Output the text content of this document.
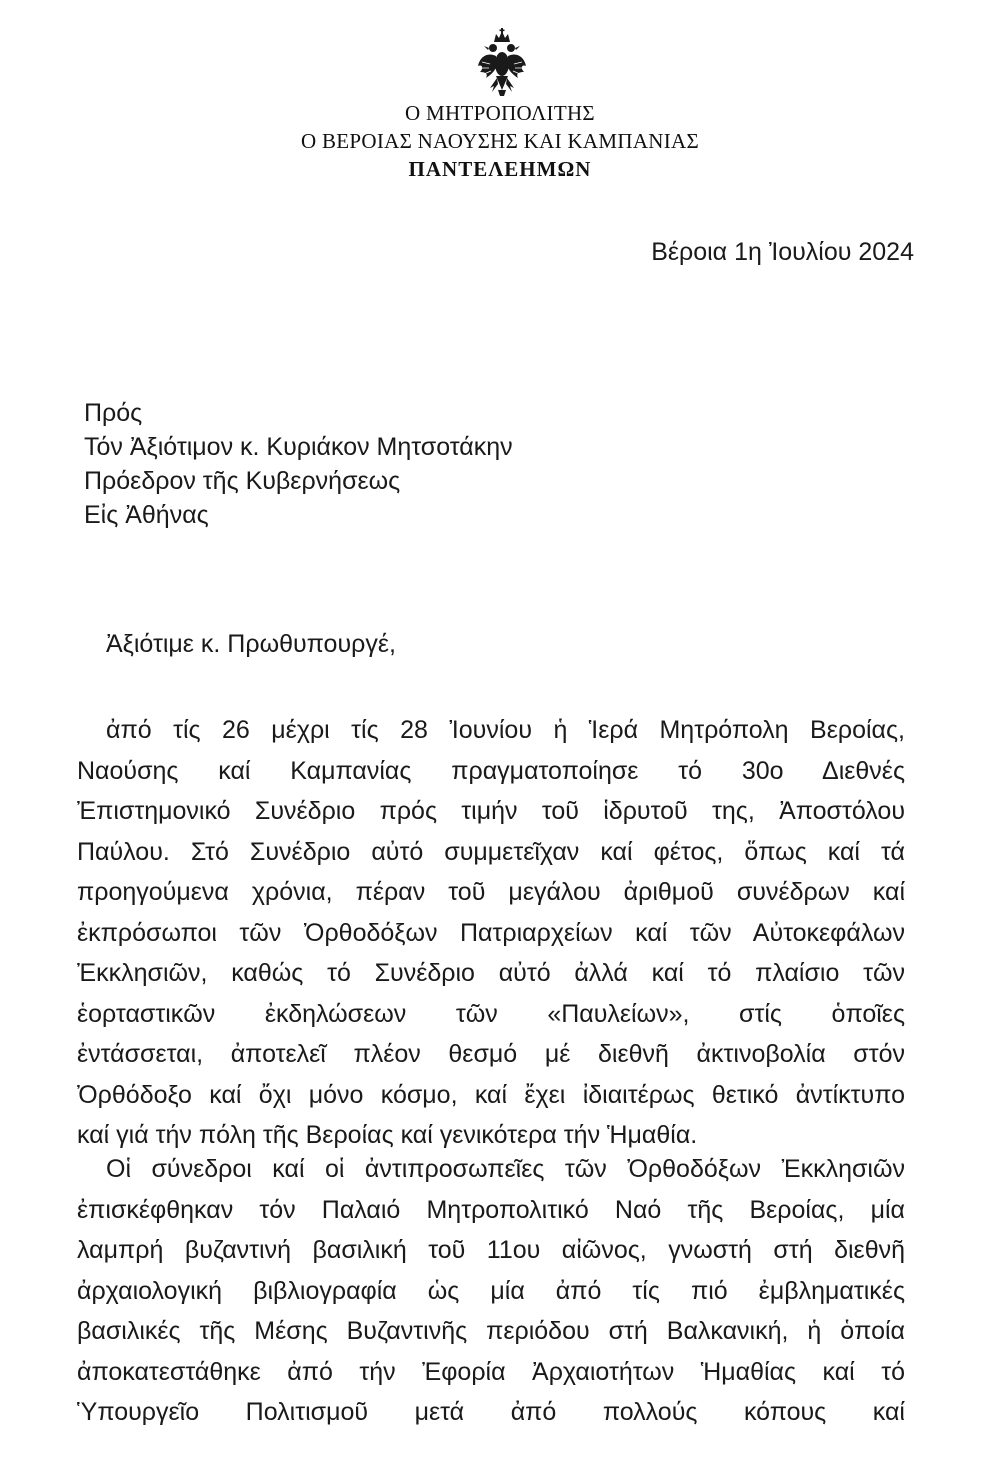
Ο ΜΗΤΡΟΠΟΛΙΤΗΣ
Ο ΒΕΡΟΙΑΣ ΝΑΟΥΣΗΣ ΚΑΙ ΚΑΜΠΑΝΙΑΣ
ΠΑΝΤΕΛΕΗΜΩΝ
Βέροια 1η Ἰουλίου 2024
Πρός
Τόν Ἀξιότιμον κ. Κυριάκον Μητσοτάκην
Πρόεδρον τῆς Κυβερνήσεως
Εἰς Ἀθήνας
Ἀξιότιμε κ. Πρωθυπουργέ,
ἀπό τίς 26 μέχρι τίς 28 Ἰουνίου ἡ Ἱερά Μητρόπολη Βεροίας,
Ναούσης καί Καμπανίας πραγματοποίησε τό 30ο Διεθνές
Ἐπιστημονικό Συνέδριο πρός τιμήν τοῦ ἱδρυτοῦ της, Ἀποστόλου
Παύλου. Στό Συνέδριο αὐτό συμμετεῖχαν καί φέτος, ὅπως καί τά
προηγούμενα χρόνια, πέραν τοῦ μεγάλου ἀριθμοῦ συνέδρων καί
ἐκπρόσωποι τῶν Ὀρθοδόξων Πατριαρχείων καί τῶν Αὐτοκεφάλων
Ἐκκλησιῶν, καθώς τό Συνέδριο αὐτό ἀλλά καί τό πλαίσιο τῶν
ἑορταστικῶν ἐκδηλώσεων τῶν «Παυλείων», στίς ὁποῖες
ἐντάσσεται, ἀποτελεῖ πλέον θεσμό μέ διεθνῆ ἀκτινοβολία στόν
Ὀρθόδοξο καί ὄχι μόνο κόσμο, καί ἔχει ἰδιαιτέρως θετικό ἀντίκτυπο
καί γιά τήν πόλη τῆς Βεροίας καί γενικότερα τήν Ἡμαθία.
Οἱ σύνεδροι καί οἱ ἀντιπροσωπεῖες τῶν Ὀρθοδόξων Ἐκκλησιῶν
ἐπισκέφθηκαν τόν Παλαιό Μητροπολιτικό Ναό τῆς Βεροίας, μία
λαμπρή βυζαντινή βασιλική τοῦ 11ου αἰῶνος, γνωστή στή διεθνῆ
ἀρχαιολογική βιβλιογραφία ὡς μία ἀπό τίς πιό ἐμβληματικές
βασιλικές τῆς Μέσης Βυζαντινῆς περιόδου στή Βαλκανική, ἡ ὁποία
ἀποκατεστάθηκε ἀπό τήν Ἐφορία Ἀρχαιοτήτων Ἡμαθίας καί τό
Ὑπουργεῖο Πολιτισμοῦ μετά ἀπό πολλούς κόπους καί
